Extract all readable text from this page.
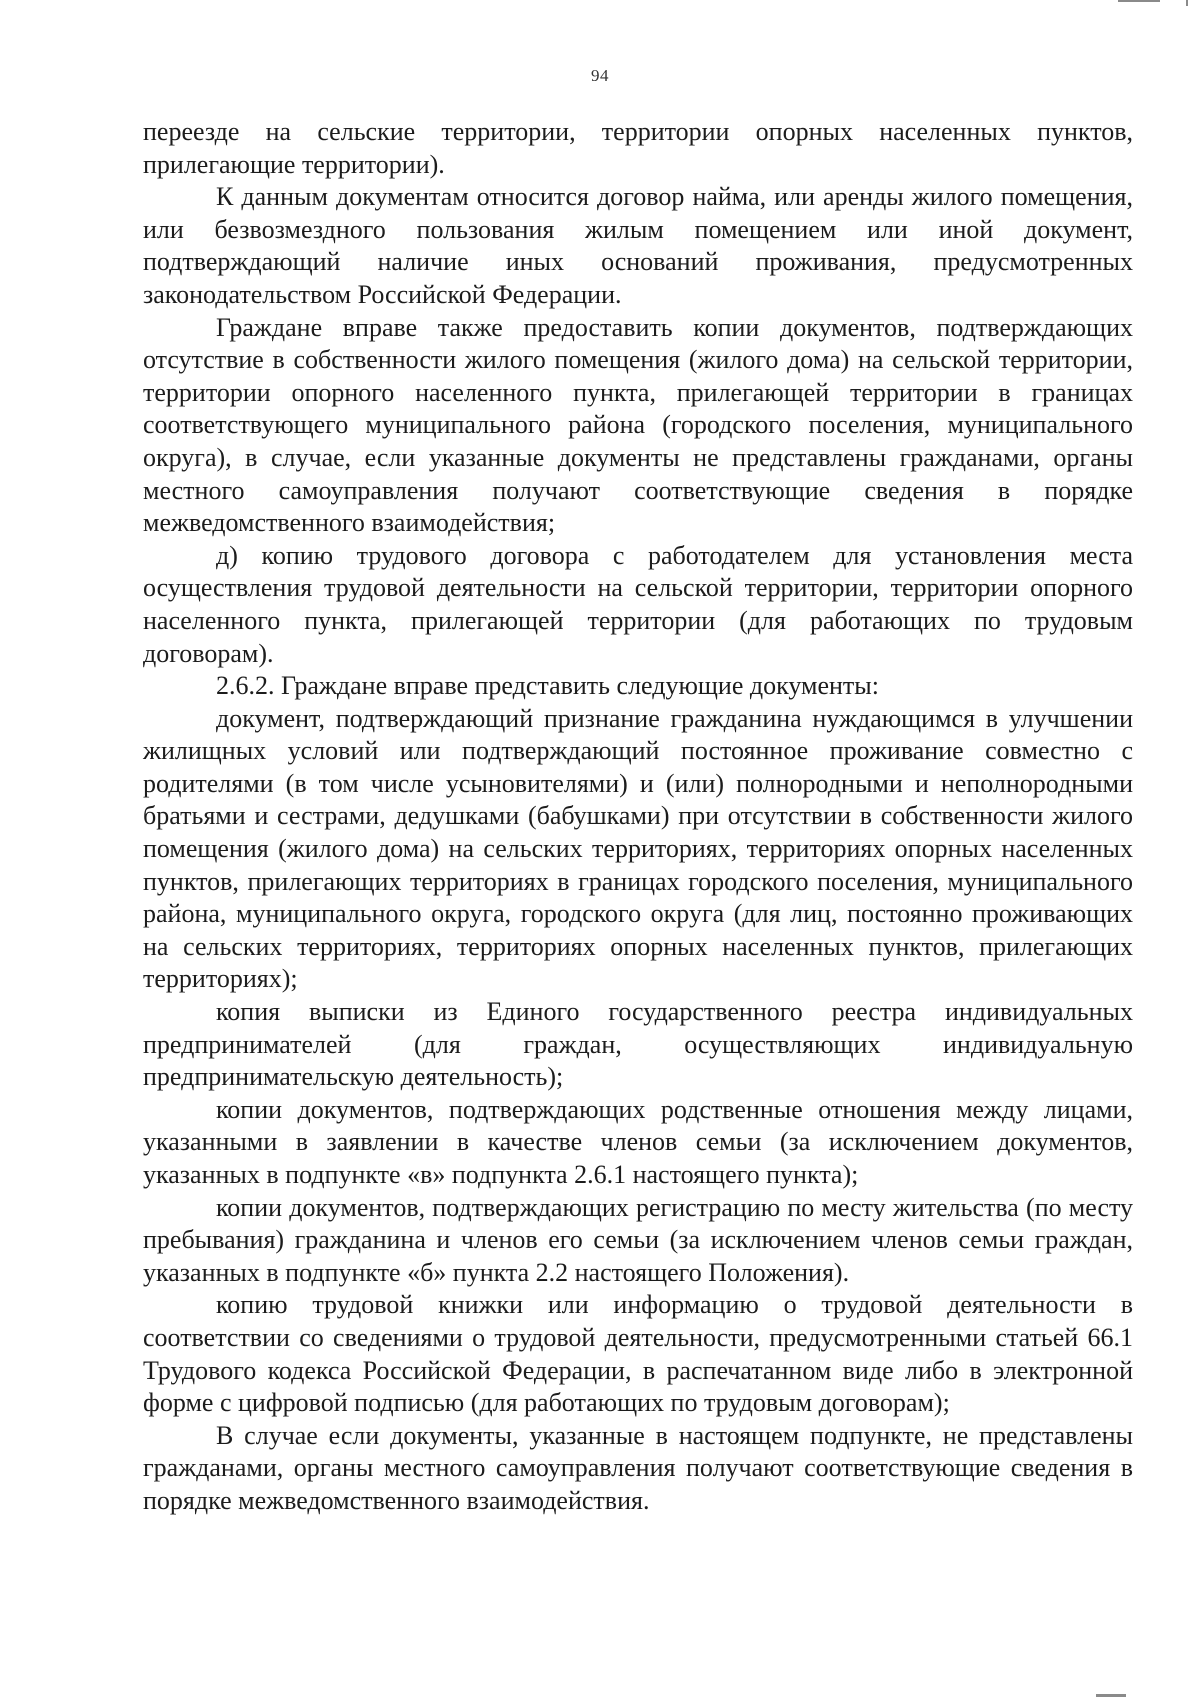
94

переезде на сельские территории, территории опорных населенных пунктов, прилегающие территории).

К данным документам относится договор найма, или аренды жилого помещения, или безвозмездного пользования жилым помещением или иной документ, подтверждающий наличие иных оснований проживания, предусмотренных законодательством Российской Федерации.

Граждане вправе также предоставить копии документов, подтверждающих отсутствие в собственности жилого помещения (жилого дома) на сельской территории, территории опорного населенного пункта, прилегающей территории в границах соответствующего муниципального района (городского поселения, муниципального округа), в случае, если указанные документы не представлены гражданами, органы местного самоуправления получают соответствующие сведения в порядке межведомственного взаимодействия;

д) копию трудового договора с работодателем для установления места осуществления трудовой деятельности на сельской территории, территории опорного населенного пункта, прилегающей территории (для работающих по трудовым договорам).

2.6.2. Граждане вправе представить следующие документы:

документ, подтверждающий признание гражданина нуждающимся в улучшении жилищных условий или подтверждающий постоянное проживание совместно с родителями (в том числе усыновителями) и (или) полнородными и неполнородными братьями и сестрами, дедушками (бабушками) при отсутствии в собственности жилого помещения (жилого дома) на сельских территориях, территориях опорных населенных пунктов, прилегающих территориях в границах городского поселения, муниципального района, муниципального округа, городского округа (для лиц, постоянно проживающих на сельских территориях, территориях опорных населенных пунктов, прилегающих территориях);

копия выписки из Единого государственного реестра индивидуальных предпринимателей (для граждан, осуществляющих индивидуальную предпринимательскую деятельность);

копии документов, подтверждающих родственные отношения между лицами, указанными в заявлении в качестве членов семьи (за исключением документов, указанных в подпункте «в» подпункта 2.6.1 настоящего пункта);

копии документов, подтверждающих регистрацию по месту жительства (по месту пребывания) гражданина и членов его семьи (за исключением членов семьи граждан, указанных в подпункте «б» пункта 2.2 настоящего Положения).

копию трудовой книжки или информацию о трудовой деятельности в соответствии со сведениями о трудовой деятельности, предусмотренными статьей 66.1 Трудового кодекса Российской Федерации, в распечатанном виде либо в электронной форме с цифровой подписью (для работающих по трудовым договорам);

В случае если документы, указанные в настоящем подпункте, не представлены гражданами, органы местного самоуправления получают соответствующие сведения в порядке межведомственного взаимодействия.
